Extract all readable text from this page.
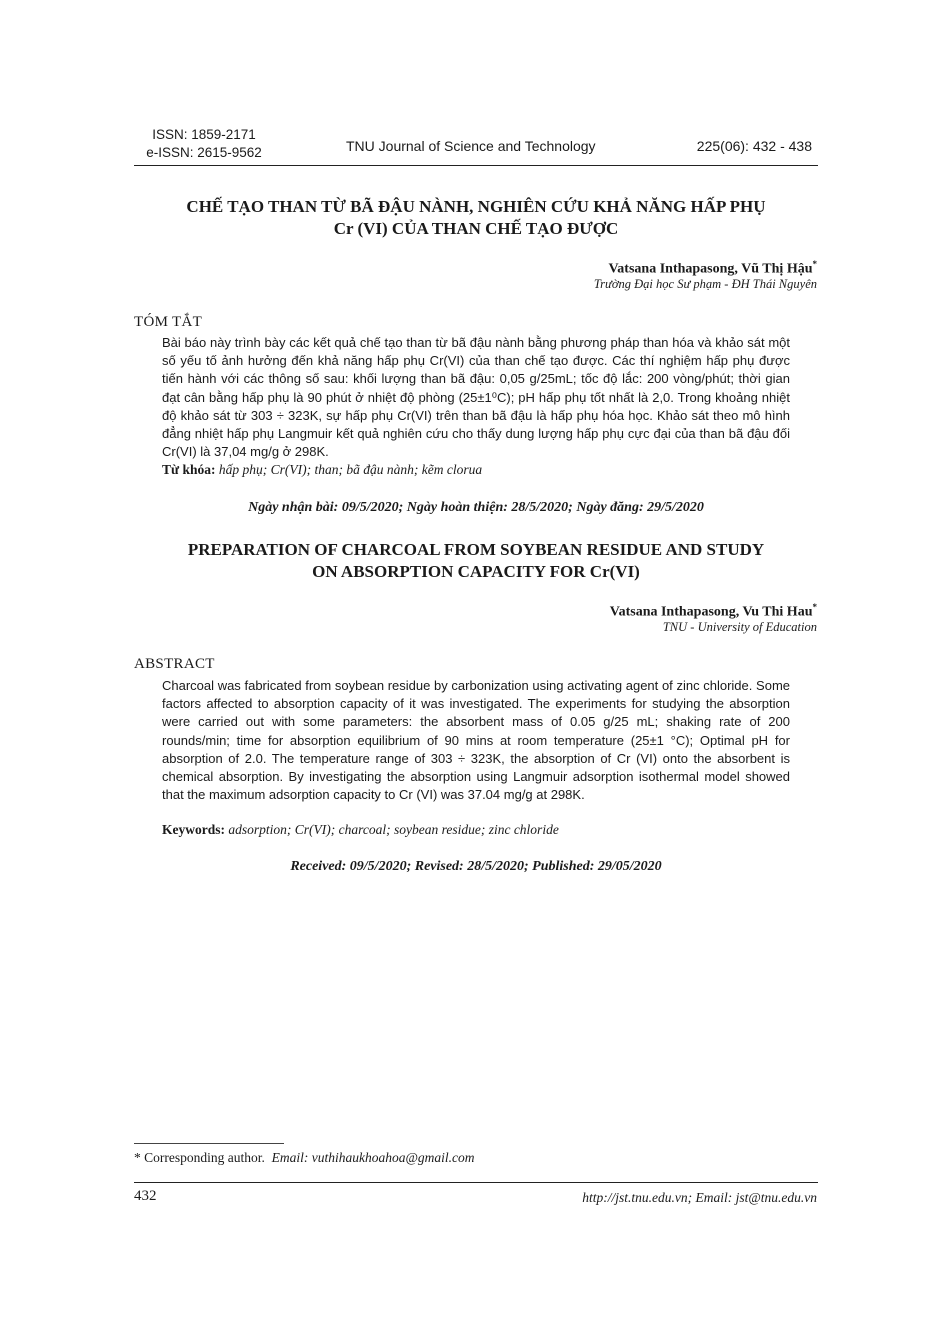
ISSN: 1859-2171
e-ISSN: 2615-9562	TNU Journal of Science and Technology	225(06): 432 - 438
CHẾ TẠO THAN TỪ BÃ ĐẬU NÀNH, NGHIÊN CỨU KHẢ NĂNG HẤP PHỤ
Cr (VI) CỦA THAN CHẾ TẠO ĐƯỢC
Vatsana Inthapasong, Vũ Thị Hậu*
Trường Đại học Sư phạm - ĐH Thái Nguyên
TÓM TẮT
Bài báo này trình bày các kết quả chế tạo than từ bã đậu nành bằng phương pháp than hóa và khảo sát một số yếu tố ảnh hưởng đến khả năng hấp phụ Cr(VI) của than chế tạo được. Các thí nghiệm hấp phụ được tiến hành với các thông số sau: khối lượng than bã đậu: 0,05 g/25mL; tốc độ lắc: 200 vòng/phút; thời gian đạt cân bằng hấp phụ là 90 phút ở nhiệt độ phòng (25±1⁰C); pH hấp phụ tốt nhất là 2,0. Trong khoảng nhiệt độ khảo sát từ 303 ÷ 323K, sự hấp phụ Cr(VI) trên than bã đậu là hấp phụ hóa học. Khảo sát theo mô hình đẳng nhiệt hấp phụ Langmuir kết quả nghiên cứu cho thấy dung lượng hấp phụ cực đại của than bã đậu đối Cr(VI) là 37,04 mg/g ở 298K.
Từ khóa: hấp phụ; Cr(VI); than; bã đậu nành; kẽm clorua
Ngày nhận bài: 09/5/2020; Ngày hoàn thiện: 28/5/2020; Ngày đăng: 29/5/2020
PREPARATION OF CHARCOAL FROM SOYBEAN RESIDUE AND STUDY
ON ABSORPTION CAPACITY FOR Cr(VI)
Vatsana Inthapasong, Vu Thi Hau*
TNU - University of Education
ABSTRACT
Charcoal was fabricated from soybean residue by carbonization using activating agent of zinc chloride. Some factors affected to absorption capacity of it was investigated. The experiments for studying the absorption were carried out with some parameters: the absorbent mass of 0.05 g/25 mL; shaking rate of 200 rounds/min; time for absorption equilibrium of 90 mins at room temperature (25±1 °C); Optimal pH for absorption of 2.0. The temperature range of 303 ÷ 323K, the absorption of Cr (VI) onto the absorbent is chemical absorption. By investigating the absorption using Langmuir adsorption isothermal model showed that the maximum adsorption capacity to Cr (VI) was 37.04 mg/g at 298K.
Keywords: adsorption; Cr(VI); charcoal; soybean residue; zinc chloride
Received: 09/5/2020; Revised: 28/5/2020; Published: 29/05/2020
* Corresponding author. Email: vuthihaukhoahoa@gmail.com
432	http://jst.tnu.edu.vn; Email: jst@tnu.edu.vn
